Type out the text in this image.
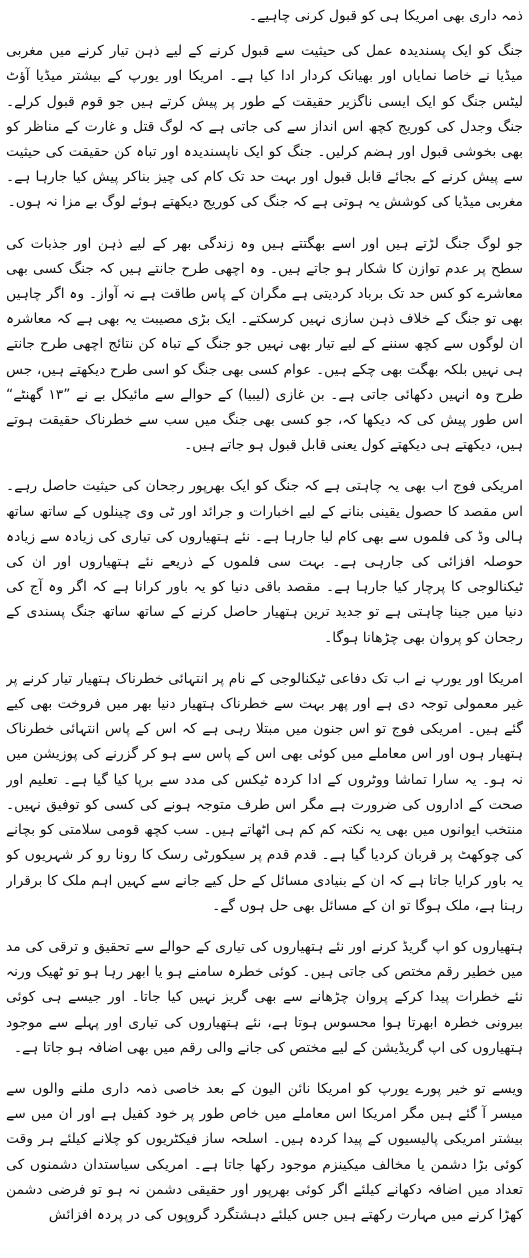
ذمہ داری بھی امریکا ہی کو قبول کرنی چاہیے۔

جنگ کو ایک پسندیدہ عمل کی حیثیت سے قبول کرنے کے لیے ذہن تیار کرنے میں مغربی میڈیا نے خاصا نمایاں اور بھیانک کردار ادا کیا ہے۔ امریکا اور یورپ کے بیشتر میڈیا آؤٹ لیٹس جنگ کو ایک ایسی ناگزیر حقیقت کے طور پر پیش کرتے ہیں جو قوم قبول کرلے۔ جنگ وجدل کی کوریج کچھ اس انداز سے کی جاتی ہے کہ لوگ قتل و غارت کے مناظر کو بھی بخوشی قبول اور ہضم کرلیں۔ جنگ کو ایک ناپسندیدہ اور تباہ کن حقیقت کی حیثیت سے پیش کرنے کے بجائے قابل قبول اور بہت حد تک کام کی چیز بناکر پیش کیا جارہا ہے۔ مغربی میڈیا کی کوشش یہ ہوتی ہے کہ جنگ کی کوریج دیکھتے ہوئے لوگ بے مزا نہ ہوں۔

جو لوگ جنگ لڑتے ہیں اور اسے بھگتتے ہیں وہ زندگی بھر کے لیے ذہن اور جذبات کی سطح پر عدم توازن کا شکار ہو جاتے ہیں۔ وہ اچھی طرح جانتے ہیں کہ جنگ کسی بھی معاشرے کو کس حد تک برباد کردیتی ہے مگران کے پاس طاقت ہے نہ آواز۔ وہ اگر چاہیں بھی تو جنگ کے خلاف ذہن سازی نہیں کرسکتے۔ ایک بڑی مصیبت یہ بھی ہے کہ معاشرہ ان لوگوں سے کچھ سننے کے لیے تیار بھی نہیں جو جنگ کے تباہ کن نتائج اچھی طرح جانتے ہی نہیں بلکہ بھگت بھی چکے ہیں۔ عوام کسی بھی جنگ کو اسی طرح دیکھتے ہیں، جس طرح وہ انہیں دکھائی جاتی ہے۔ بن غازی (لیبیا) کے حوالے سے مائیکل بے نے ”۱۳ گھنٹے“ اس طور پیش کی کہ دیکھا کہ، جو کسی بھی جنگ میں سب سے خطرناک حقیقت ہوتے ہیں، دیکھتے ہی دیکھتے کول یعنی قابل قبول ہو جاتے ہیں۔

امریکی فوج اب بھی یہ چاہتی ہے کہ جنگ کو ایک بھرپور رجحان کی حیثیت حاصل رہے۔ اس مقصد کا حصول یقینی بنانے کے لیے اخبارات و جرائد اور ٹی وی چینلوں کے ساتھ ساتھ ہالی وڈ کی فلموں سے بھی کام لیا جارہا ہے۔ نئے ہتھیاروں کی تیاری کی زیادہ سے زیادہ حوصلہ افزائی کی جارہی ہے۔ بہت سی فلموں کے ذریعے نئے ہتھیاروں اور ان کی ٹیکنالوجی کا پرچار کیا جارہا ہے۔ مقصد باقی دنیا کو یہ باور کرانا ہے کہ اگر وہ آج کی دنیا میں جینا چاہتی ہے تو جدید ترین ہتھیار حاصل کرنے کے ساتھ ساتھ جنگ پسندی کے رجحان کو پروان بھی چڑھانا ہوگا۔

امریکا اور یورپ نے اب تک دفاعی ٹیکنالوجی کے نام پر انتہائی خطرناک ہتھیار تیار کرنے پر غیر معمولی توجہ دی ہے اور پھر بہت سے خطرناک ہتھیار دنیا بھر میں فروخت بھی کیے گئے ہیں۔ امریکی فوج تو اس جنون میں مبتلا رہی ہے کہ اس کے پاس انتہائی خطرناک ہتھیار ہوں اور اس معاملے میں کوئی بھی اس کے پاس سے ہو کر گزرنے کی پوزیشن میں نہ ہو۔ یہ سارا تماشا ووٹروں کے ادا کردہ ٹیکس کی مدد سے برپا کیا گیا ہے۔ تعلیم اور صحت کے اداروں کی ضرورت ہے مگر اس طرف متوجہ ہونے کی کسی کو توفیق نہیں۔ منتخب ایوانوں میں بھی یہ نکتہ کم کم ہی اٹھاتے ہیں۔ سب کچھ قومی سلامتی کو بچانے کی چوکھٹ پر قربان کردیا گیا ہے۔ قدم قدم پر سیکورٹی رسک کا رونا رو کر شہریوں کو یہ باور کرایا جاتا ہے کہ ان کے بنیادی مسائل کے حل کیے جانے سے کہیں اہم ملک کا برقرار رہنا ہے، ملک ہوگا تو ان کے مسائل بھی حل ہوں گے۔

ہتھیاروں کو اپ گریڈ کرنے اور نئے ہتھیاروں کی تیاری کے حوالے سے تحقیق و ترقی کی مد میں خطیر رقم مختص کی جاتی ہیں۔ کوئی خطرہ سامنے ہو یا ابھر رہا ہو تو ٹھیک ورنہ نئے خطرات پیدا کرکے پروان چڑھانے سے بھی گریز نہیں کیا جاتا۔ اور جیسے ہی کوئی بیرونی خطرہ ابھرتا ہوا محسوس ہوتا ہے، نئے ہتھیاروں کی تیاری اور پہلے سے موجود ہتھیاروں کی اپ گریڈیشن کے لیے مختص کی جانے والی رقم میں بھی اضافہ ہو جاتا ہے۔

ویسے تو خیر پورے یورپ کو امریکا نائن الیون کے بعد خاصی ذمہ داری ملنے والوں سے میسر آ گئے ہیں مگر امریکا اس معاملے میں خاص طور پر خود کفیل ہے اور ان میں سے بیشتر امریکی پالیسیوں کے پیدا کردہ ہیں۔ اسلحہ ساز فیکٹریوں کو چلانے کیلئے ہر وقت کوئی بڑا دشمن یا مخالف میکینزم موجود رکھا جاتا ہے۔ امریکی سیاستدان دشمنوں کی تعداد میں اضافہ دکھانے کیلئے اگر کوئی بھرپور اور حقیقی دشمن نہ ہو تو فرضی دشمن کھڑا کرنے میں مہارت رکھتے ہیں جس کیلئے دہشتگرد گروپوں کی در پردہ افزائش
